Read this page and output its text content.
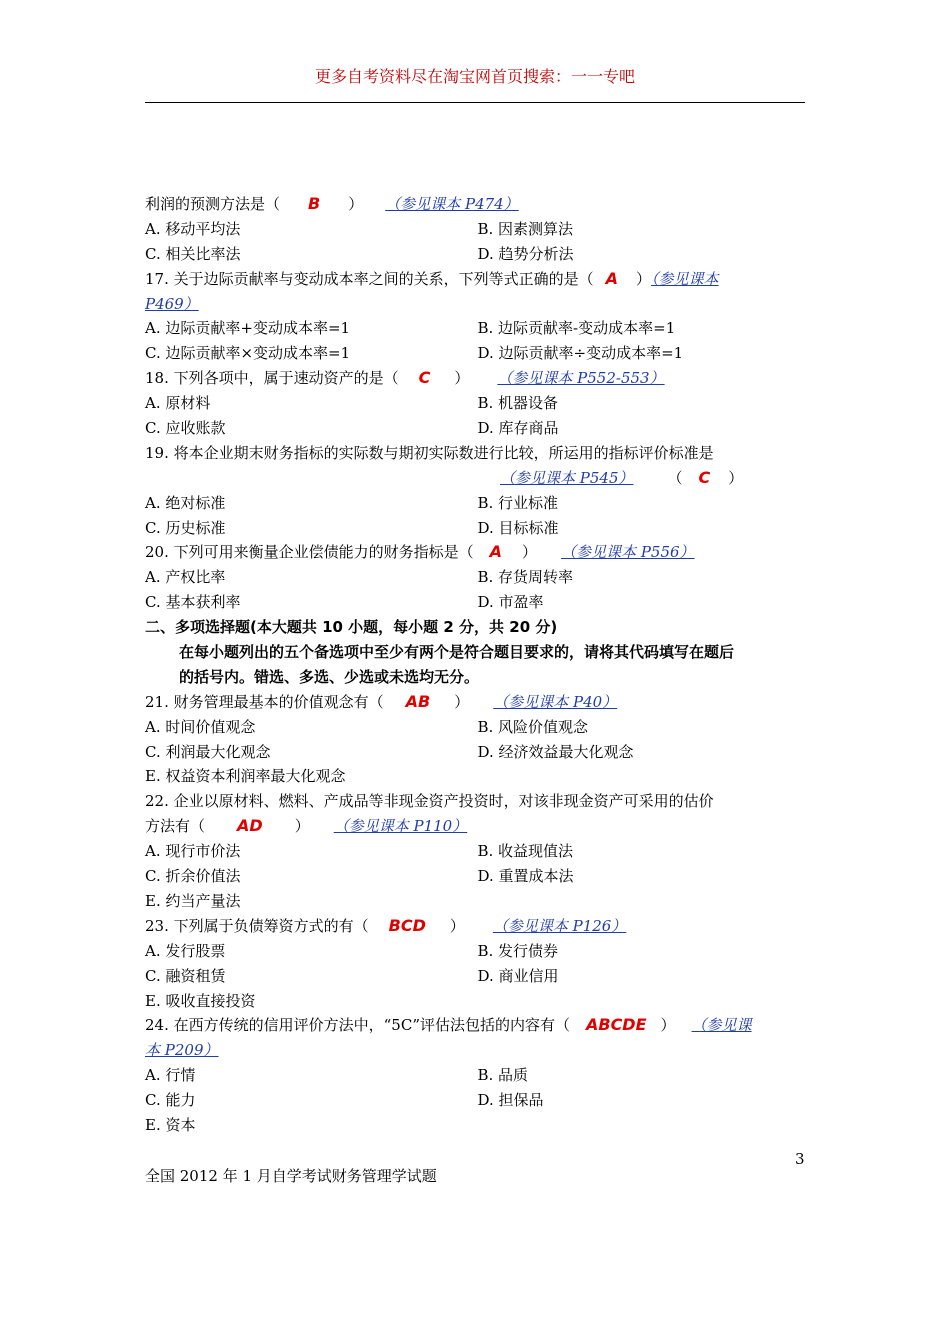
更多自考资料尽在淘宝网首页搜索：一一专吧
利润的预测方法是（ B ） （参见课本 P474）
A. 移动平均法	B. 因素测算法
C. 相关比率法	D. 趋势分析法
17. 关于边际贡献率与变动成本率之间的关系，下列等式正确的是（ A ）（参见课本
P469）
A. 边际贡献率+变动成本率=1	B. 边际贡献率-变动成本率=1
C. 边际贡献率×变动成本率=1	D. 边际贡献率÷变动成本率=1
18. 下列各项中，属于速动资产的是（ C ） （参见课本 P552-553）
A. 原材料	B. 机器设备
C. 应收账款	D. 库存商品
19. 将本企业期末财务指标的实际数与期初实际数进行比较，所运用的指标评价标准是
（参见课本 P545） （ C ）
A. 绝对标准	B. 行业标准
C. 历史标准	D. 目标标准
20. 下列可用来衡量企业偿债能力的财务指标是（ A ） （参见课本 P556）
A. 产权比率	B. 存货周转率
C. 基本获利率	D. 市盈率
二、多项选择题(本大题共 10 小题，每小题 2 分，共 20 分)
在每小题列出的五个备选项中至少有两个是符合题目要求的，请将其代码填写在题后
的括号内。错选、多选、少选或未选均无分。
21. 财务管理最基本的价值观念有（ AB ） （参见课本 P40）
A. 时间价值观念	B. 风险价值观念
C. 利润最大化观念	D. 经济效益最大化观念
E. 权益资本利润率最大化观念
22. 企业以原材料、燃料、产成品等非现金资产投资时，对该非现金资产可采用的估价
方法有（ AD ） （参见课本 P110）
A. 现行市价法	B. 收益现值法
C. 折余价值法	D. 重置成本法
E. 约当产量法
23. 下列属于负债筹资方式的有（ BCD ） （参见课本 P126）
A. 发行股票	B. 发行债券
C. 融资租赁	D. 商业信用
E. 吸收直接投资
24. 在西方传统的信用评价方法中，“5C”评估法包括的内容有（ ABCDE ） （参见课
本 P209）
A. 行情	B. 品质
C. 能力	D. 担保品
E. 资本
3
全国 2012 年 1 月自学考试财务管理学试题
